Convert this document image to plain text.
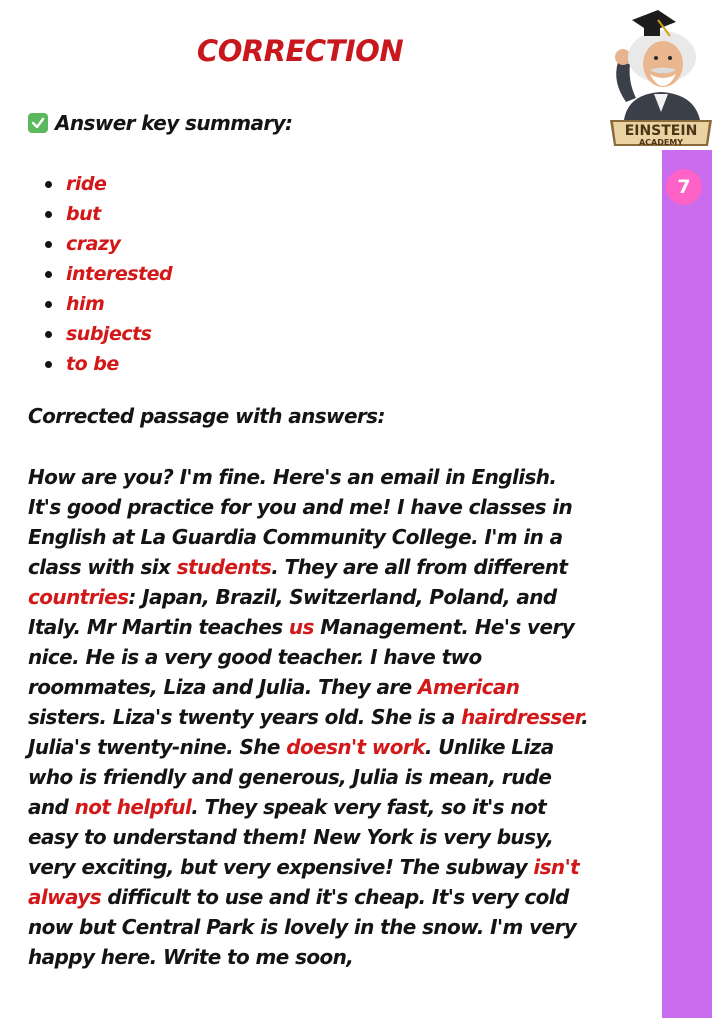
CORRECTION
EINSTEIN
ACADEMY
7
Answer key summary:
ride
but
crazy
interested
him
subjects
to be
Corrected passage with answers:
How are you? I'm fine. Here's an email in English.
It's good practice for you and me! I have classes in
English at La Guardia Community College. I'm in a
class with six students. They are all from different
countries: Japan, Brazil, Switzerland, Poland, and
Italy. Mr Martin teaches us Management. He's very
nice. He is a very good teacher. I have two
roommates, Liza and Julia. They are American
sisters. Liza's twenty years old. She is a hairdresser.
Julia's twenty-nine. She doesn't work. Unlike Liza
who is friendly and generous, Julia is mean, rude
and not helpful. They speak very fast, so it's not
easy to understand them! New York is very busy,
very exciting, but very expensive! The subway isn't
always difficult to use and it's cheap. It's very cold
now but Central Park is lovely in the snow. I'm very
happy here. Write to me soon,
